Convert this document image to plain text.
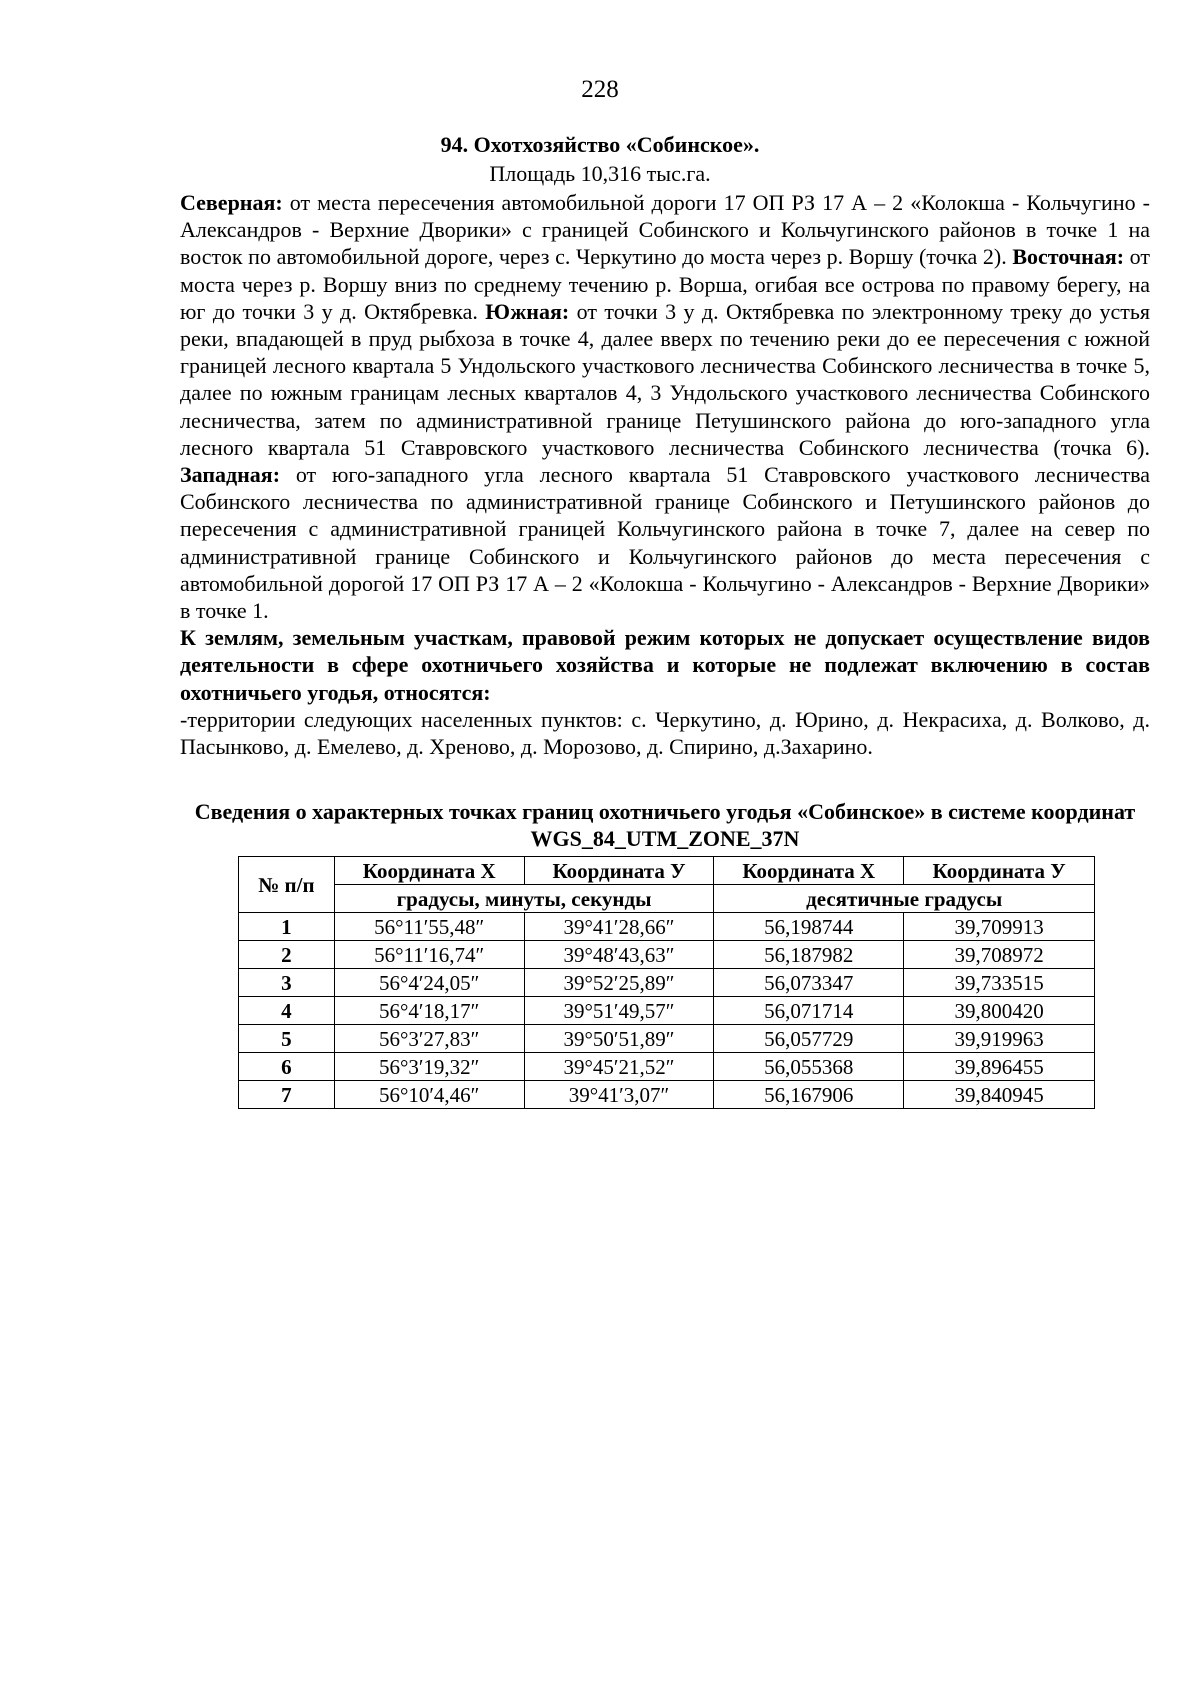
228
94. Охотхозяйство «Собинское».
Площадь 10,316 тыс.га.

Северная: от места пересечения автомобильной дороги 17 ОП РЗ 17 А – 2 «Колокша - Кольчугино - Александров - Верхние Дворики» с границей Собинского и Кольчугинского районов в точке 1 на восток по автомобильной дороге, через с. Черкутино до моста через р. Воршу (точка 2). Восточная: от моста через р. Воршу вниз по среднему течению р. Ворша, огибая все острова по правому берегу, на юг до точки 3 у д. Октябревка. Южная: от точки 3 у д. Октябревка по электронному треку до устья реки, впадающей в пруд рыбхоза в точке 4, далее вверх по течению реки до ее пересечения с южной границей лесного квартала 5 Ундольского участкового лесничества Собинского лесничества в точке 5, далее по южным границам лесных кварталов 4, 3 Ундольского участкового лесничества Собинского лесничества, затем по административной границе Петушинского района до юго-западного угла лесного квартала 51 Ставровского участкового лесничества Собинского лесничества (точка 6). Западная: от юго-западного угла лесного квартала 51 Ставровского участкового лесничества Собинского лесничества по административной границе Собинского и Петушинского районов до пересечения с административной границей Кольчугинского района в точке 7, далее на север по административной границе Собинского и Кольчугинского районов до места пересечения с автомобильной дорогой 17 ОП РЗ 17 А – 2 «Колокша - Кольчугино - Александров - Верхние Дворики» в точке 1.

К землям, земельным участкам, правовой режим которых не допускает осуществление видов деятельности в сфере охотничьего хозяйства и которые не подлежат включению в состав охотничьего угодья, относятся:

-территории следующих населенных пунктов: с. Черкутино, д. Юрино, д. Некрасиха, д. Волково, д. Пасынково, д. Емелево, д. Хреново, д. Морозово, д. Спирино, д.Захарино.

Сведения о характерных точках границ охотничьего угодья «Собинское» в системе координат WGS_84_UTM_ZONE_37N
№ п/п	Координата Х	Координата У	Координата Х	Координата У
	градусы, минуты, секунды		десятичные градусы	
1	56°11′55,48″	39°41′28,66″	56,198744	39,709913
2	56°11′16,74″	39°48′43,63″	56,187982	39,708972
3	56°4′24,05″	39°52′25,89″	56,073347	39,733515
4	56°4′18,17″	39°51′49,57″	56,071714	39,800420
5	56°3′27,83″	39°50′51,89″	56,057729	39,919963
6	56°3′19,32″	39°45′21,52″	56,055368	39,896455
7	56°10′4,46″	39°41′3,07″	56,167906	39,840945
